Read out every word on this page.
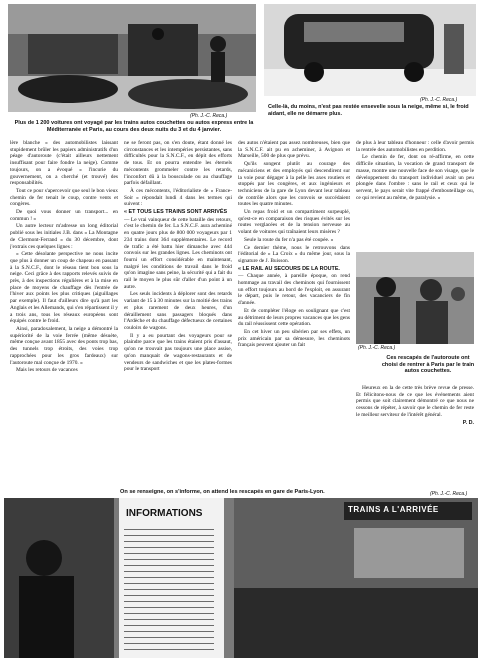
(Ph. J.-C. Reca.)
(Ph. J.-C. Reca.)
Plus de 1 200 voitures ont voyagé par les trains autos couchettes ou autos express entre la Méditerranée et Paris, au cours des deux nuits du 3 et du 4 janvier.
Celle-là, du moins, n'est pas restée ensevelie sous la neige, même si, le froid aidant, elle ne démarre plus.

lère blanche » des automobilistes laissant stupidement brûler les papiers administratifs d'un péage d'autoroute (c'était ailleurs nettement insuffisant pour faire fondre la neige). Comme toujours, on a évoqué « l'incurie du gouvernement, on a cherché (et trouvé) des responsabilités.

Tout ce pour s'apercevoir que seul le bon vieux chemin de fer tenait le coup, contre vents et congères.

De quoi vous donner un transport... en commun ! »

Un autre lecteur m'adresse un long éditorial publié sous les initiales J.B. dans « La Montagne de Clermont-Ferrand » du 30 décembre, dont j'extrais ces quelques lignes :

« Cette désolante perspective ne nous incite que plus à donner un coup de chapeau en passant à la S.N.C.F., dont le réseau tient bon sous la neige. Ceci grâce à des rapports relevés suivis de près, à des inspections régulières et à la mise en place de moyens de chauffage dès l'entrée de l'hiver aux points les plus critiques (aiguillages par exemple). Il faut d'ailleurs dire qu'à part les Anglais et les Allemands, qui s'en répartissent il y a trois ans, tous les réseaux européens sont équipés contre le froid.

Ainsi, paradoxalement, la neige a démontré la supériorité de la voie ferrée (même désuète, même conçue avant 1855 avec des ponts trop bas, des tunnels trop étroits, des voies trop rapprochées pour les gros fardeaux) sur l'autoroute mal conçue de 1970. »

Mais les retours de vacances

ne se feront pas, on s'en doute, étant donné les circonstances et les intempéries persistantes, sans difficultés pour la S.N.C.F., en dépit des efforts de tous. Et on pourra entendre les éternels mécontents grommeler contre les retards, l'inconfort dû à la bousculade ou au chauffage parfois défaillant.

À ces mécontents, l'éditorialiste de « France-Soir » répondait lundi 4 dans les termes qui suivent :

« ET TOUS LES TRAINS SONT ARRIVÉS

— Le vrai vainqueur de cette bataille des retours, c'est le chemin de fer. La S.N.C.F. aura acheminé en quatre jours plus de 800 000 voyageurs par 1 234 trains dont 364 supplémentaires. Le record de trafic a été battu hier dimanche avec 444 convois sur les grandes lignes. Les cheminots ont fourni un effort considérable en maintenant, malgré les conditions de travail dans le froid qu'on imagine sans peine, la sécurité qui a fait du rail le moyen le plus sûr d'aller d'un point à un autre.

Les seuls incidents à déplorer sont des retards variant de 15 à 30 minutes sur la moitié des trains et plus rarement de deux heures, d'un déraillement sans passagers bloqués dans l'Ardèche et du chauffage défectueux de certaines couloirs de wagons.

Il y a eu pourtant des voyageurs pour se plaindre parce que les trains étaient pris d'assaut, qu'on ne trouvait pas toujours une place assise, qu'on manquait de wagons-restaurants et de vendeurs de sandwiches et que les plates-formes pour le transport

des autos n'étaient pas assez nombreuses, bien que la S.N.C.F. ait pu en acheminer, à Avignon et Marseille, 500 de plus que prévu.

Qu'ils songent plutôt au courage des mécaniciens et des employés qui descendirent sur la voie pour dégager à la pelle les axes routiers et stoppés par les congères, et aux ingénieurs et techniciens de la gare de Lyon devant leur tableau de contrôle alors que les convois se succédaient toutes les quatre minutes.

Un repas froid et un compartiment surpeuplé, qu'est-ce en comparaison des risques évités sur les routes verglacées et de la tension nerveuse au volant de voitures qui traînaient leurs misères ?

Seule la route du fer n'a pas été coupée. »

Ce dernier thème, nous le retrouvons dans l'éditorial de « La Croix » du même jour, sous la signature de J. Buisson.

« LE RAIL AU SECOURS DE LA ROUTE.

— Chaque année, à pareille époque, on rend hommage au travail des cheminots qui fournissent un effort toujours au bord de l'exploit, en assurant le départ, puis le retour, des vacanciers de fin d'année.

Et de compléter l'éloge en soulignant que c'est au détriment de leurs propres vacances que les gens du rail réussissent cette opération.

En cet hiver un peu sibérien par ses effets, un prix américain par sa démesure, les cheminots français peuvent ajouter un fait

de plus à leur tableau d'honneur : celle d'avoir permis la rentrée des automobilistes en perdition.

Le chemin de fer, dont on ré-affirme, en cette difficile situation, la vocation de grand transport de masse, montre une nouvelle face de son visage, que le développement du transport individuel avait un peu plongée dans l'ombre : sans le rail et ceux qui le servent, le pays serait vite frappé d'embouteillage ou, ce qui revient au même, de paralysie. »

(Ph. J.-C. Reca.)
Ces rescapés de l'autoroute ont choisi de rentrer à Paris par le train autos couchettes.

Heureux en la de cette très brève revue de presse. Et félicitons-nous de ce que les événements aient permis que soit clairement démontré ce que nous ne cessons de répéter, à savoir que le chemin de fer reste le meilleur serviteur de l'intérêt général.

P. D.

On se renseigne, on s'informe, on attend les rescapés en gare de Paris-Lyon.	(Ph. J.-C. Reca.)
INFORMATIONS	TRAINS A L'ARRIVÉE
